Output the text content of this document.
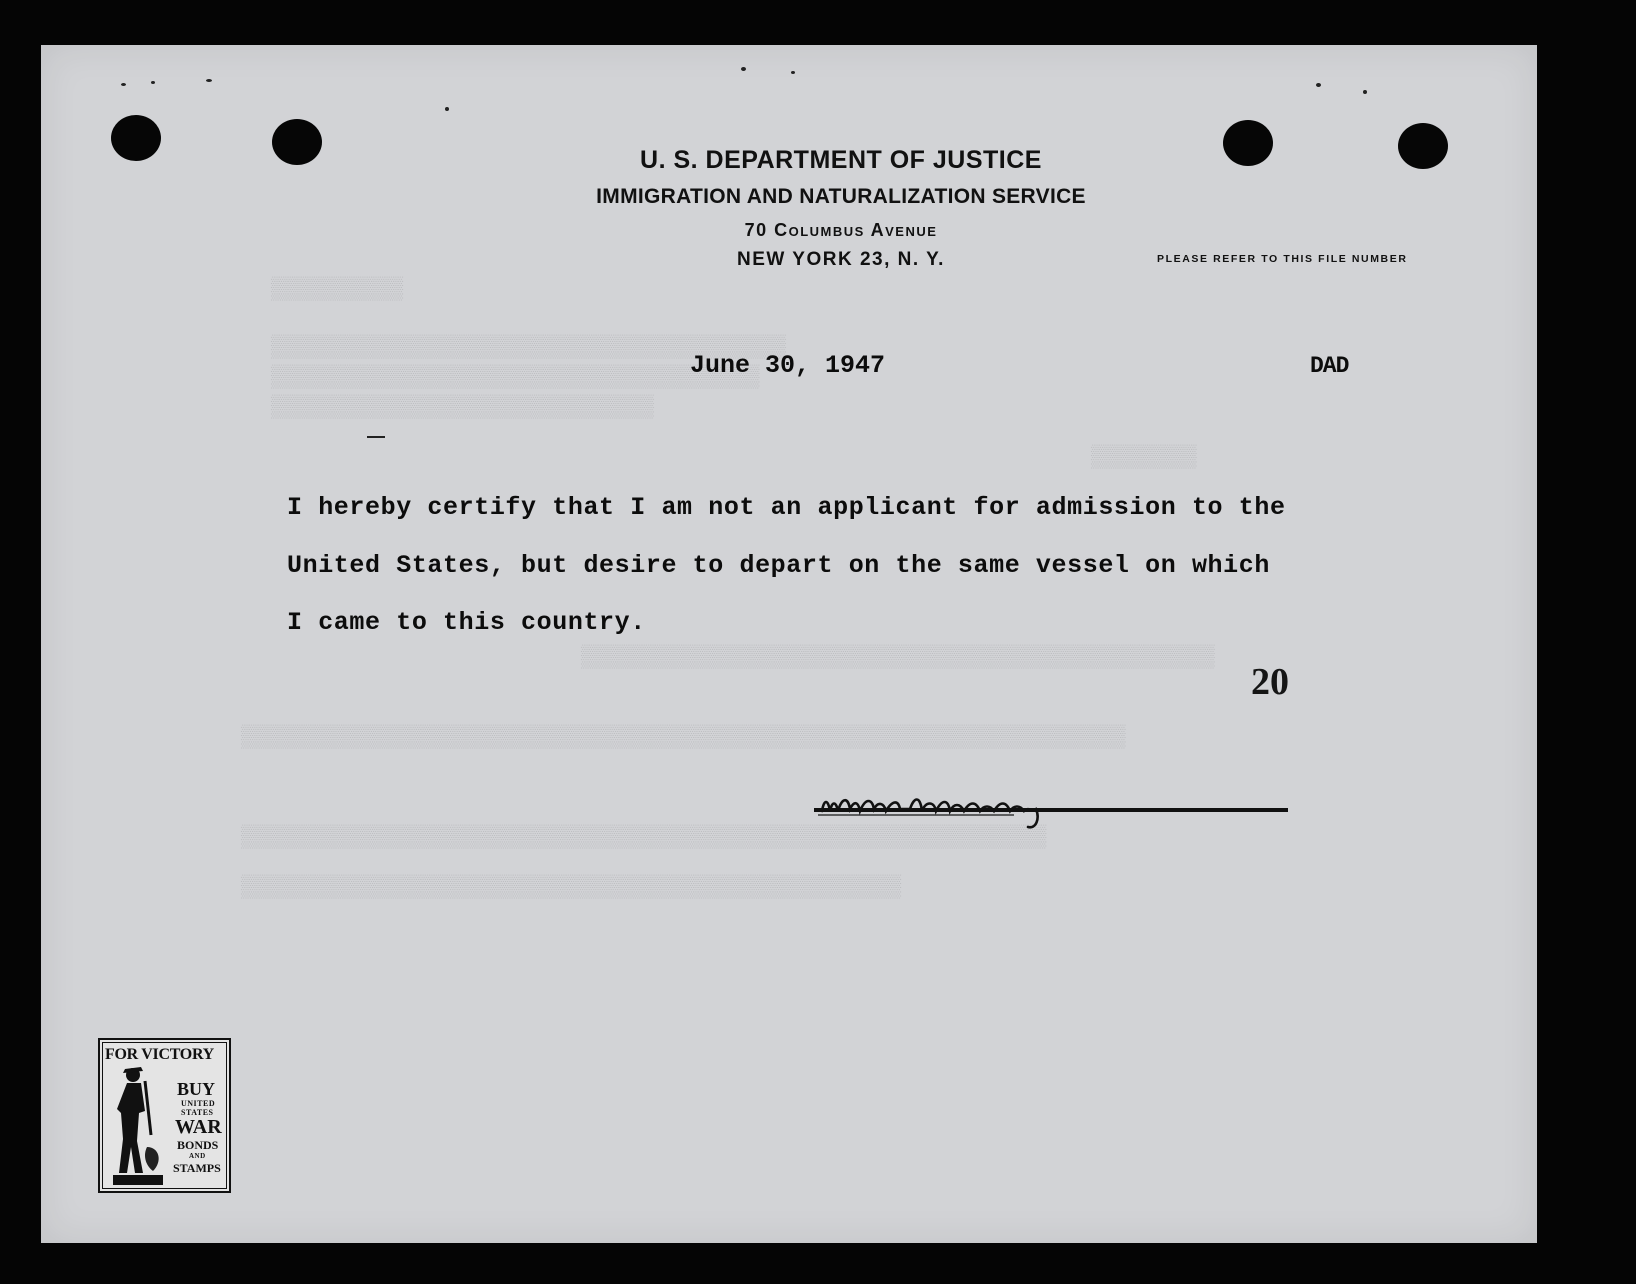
▒▒▒▒▒▒▒▒▒▒
▒▒▒▒▒▒▒▒▒▒▒▒▒▒▒▒▒▒▒▒▒▒▒▒▒▒▒▒▒▒▒▒▒▒▒▒▒▒▒
▒▒▒▒▒▒▒▒▒▒▒▒▒▒▒▒▒▒▒▒▒▒▒▒▒▒▒▒▒▒▒▒▒▒▒▒▒
▒▒▒▒▒▒▒▒▒▒▒▒▒▒▒▒▒▒▒▒▒▒▒▒▒▒▒▒▒
▒▒▒▒▒▒▒▒
▒▒▒▒▒▒▒▒▒▒▒▒▒▒▒▒▒▒▒▒▒▒▒▒▒▒▒▒▒▒▒▒▒▒▒▒▒▒▒▒▒▒▒▒▒▒▒▒
▒▒▒▒▒▒▒▒▒▒▒▒▒▒▒▒▒▒▒▒▒▒▒▒▒▒▒▒▒▒▒▒▒▒▒▒▒▒▒▒▒▒▒▒▒▒▒▒▒▒▒▒▒▒▒▒▒▒▒▒▒▒▒▒▒▒▒
▒▒▒▒▒▒▒▒▒▒▒▒▒▒▒▒▒▒▒▒▒▒▒▒▒▒▒▒▒▒▒▒▒▒▒▒▒▒▒▒▒▒▒▒▒▒▒▒▒▒▒▒▒▒▒▒▒▒▒▒▒
▒▒▒▒▒▒▒▒▒▒▒▒▒▒▒▒▒▒▒▒▒▒▒▒▒▒▒▒▒▒▒▒▒▒▒▒▒▒▒▒▒▒▒▒▒▒▒▒▒▒
U. S. DEPARTMENT OF JUSTICE
IMMIGRATION AND NATURALIZATION SERVICE
70 Columbus Avenue
NEW YORK 23, N. Y.	PLEASE REFER TO THIS FILE NUMBER
June 30, 1947	DAD
I hereby certify that I am not an applicant for admission to the
United States, but desire to depart on the same vessel on which
I came to this country.
20
FOR VICTORY
BUY
UNITED
STATES
WAR
BONDS
AND
STAMPS
